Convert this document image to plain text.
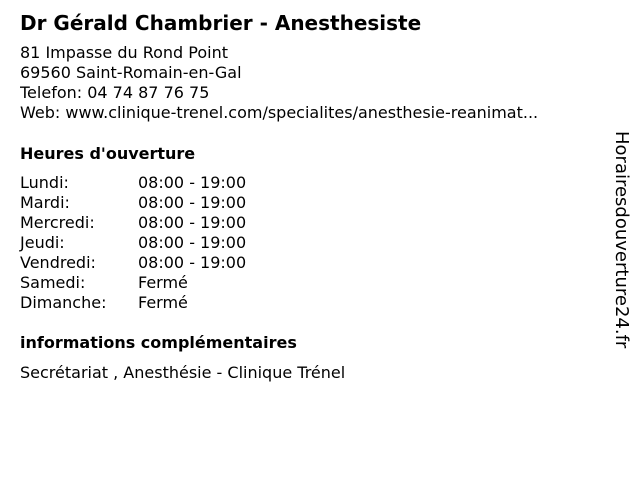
Dr Gérald Chambrier - Anesthesiste
81 Impasse du Rond Point
69560 Saint-Romain-en-Gal
Telefon: 04 74 87 76 75
Web: www.clinique-trenel.com/specialites/anesthesie-reanimat...
Heures d'ouverture
Lundi:	08:00 - 19:00
Mardi:	08:00 - 19:00
Mercredi:	08:00 - 19:00
Jeudi:	08:00 - 19:00
Vendredi:	08:00 - 19:00
Samedi:	Fermé
Dimanche:	Fermé
informations complémentaires
Secrétariat , Anesthésie - Clinique Trénel
Horairesdouverture24.fr
